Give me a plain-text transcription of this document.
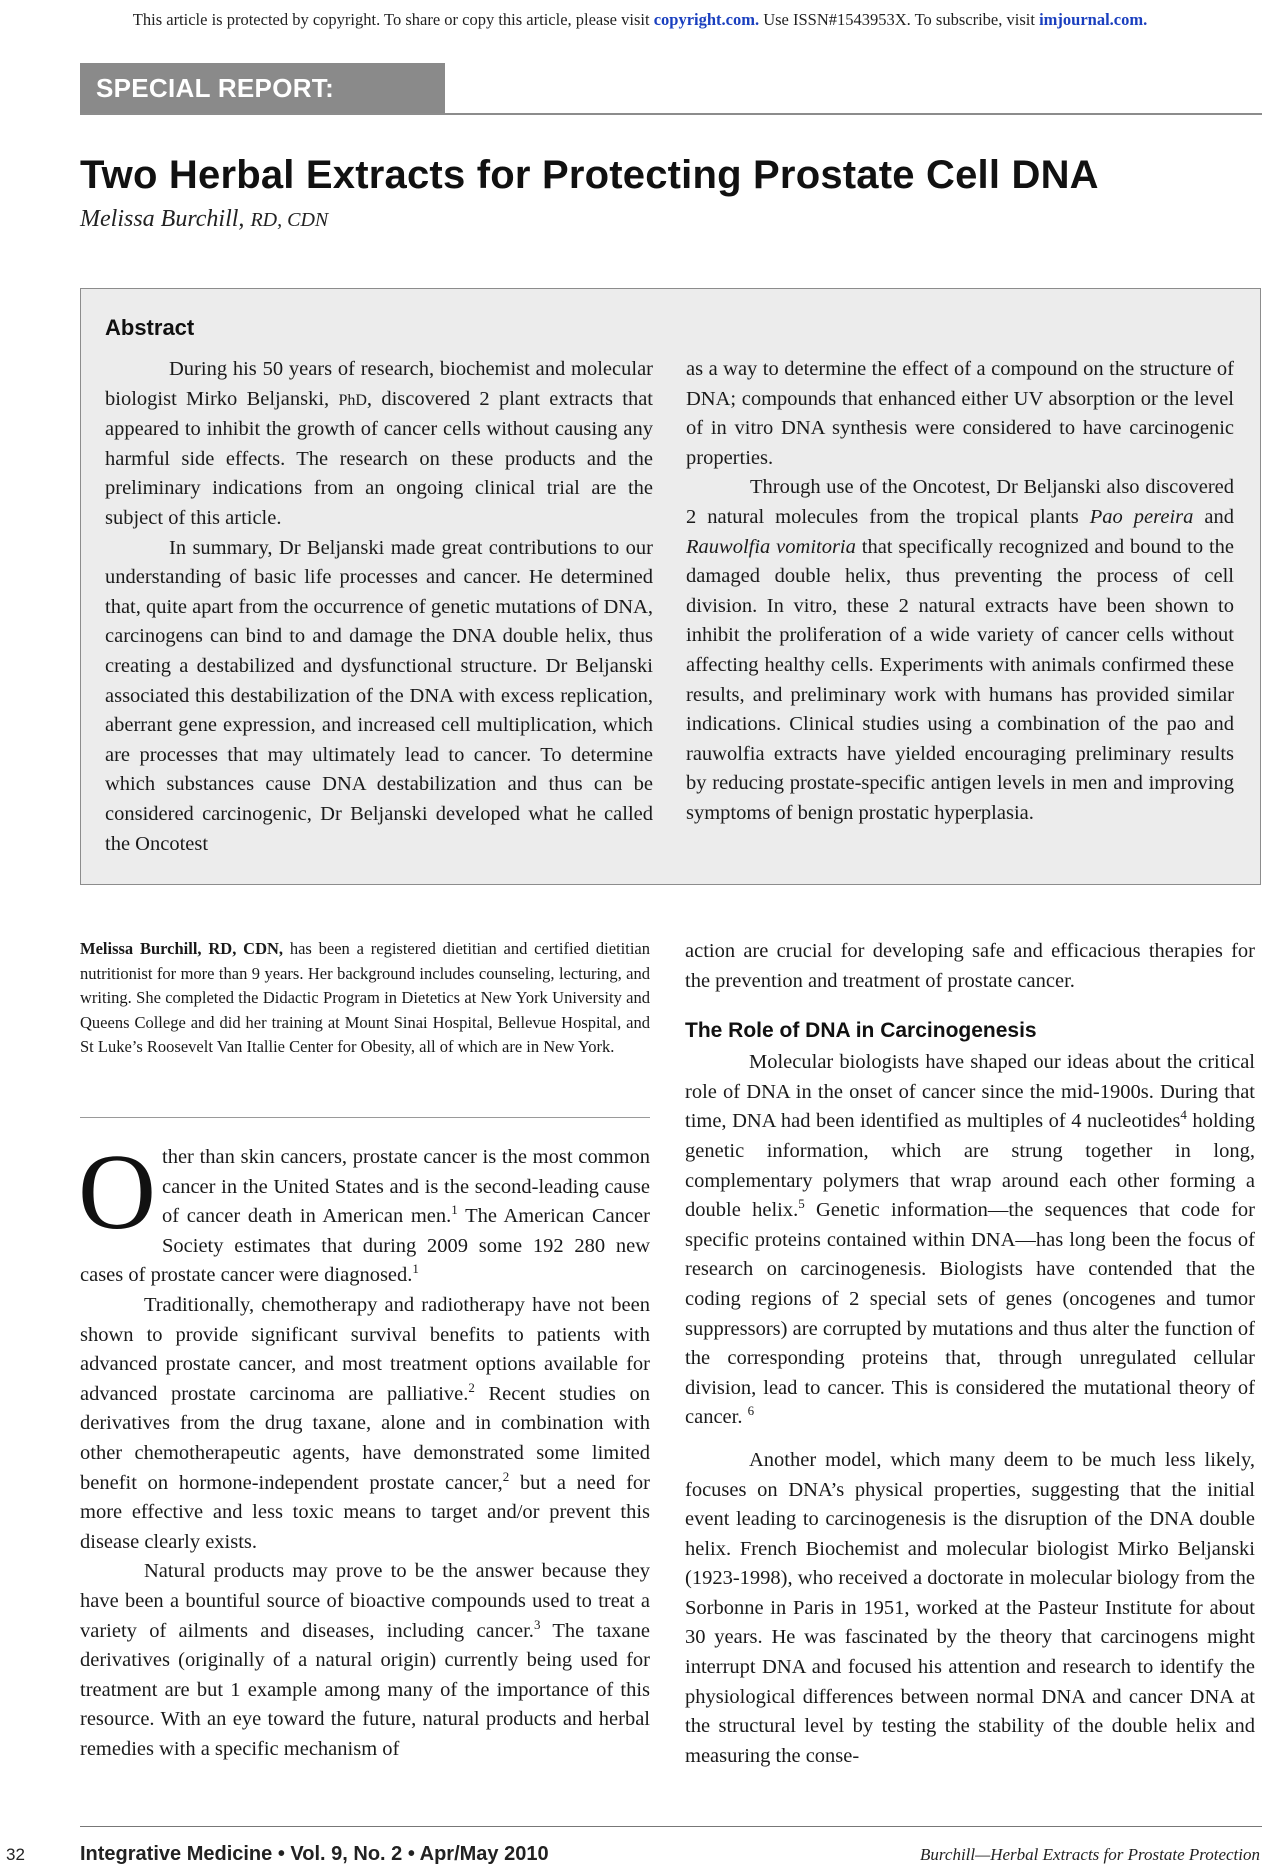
This article is protected by copyright. To share or copy this article, please visit copyright.com. Use ISSN#1543953X. To subscribe, visit imjournal.com.
SPECIAL REPORT: CANCER
Two Herbal Extracts for Protecting Prostate Cell DNA
Melissa Burchill, RD, CDN
Abstract

During his 50 years of research, biochemist and molecular biologist Mirko Beljanski, PhD, discovered 2 plant extracts that appeared to inhibit the growth of cancer cells without causing any harmful side effects. The research on these products and the preliminary indications from an ongoing clinical trial are the subject of this article.

In summary, Dr Beljanski made great contributions to our understanding of basic life processes and cancer. He determined that, quite apart from the occurrence of genetic mutations of DNA, carcinogens can bind to and damage the DNA double helix, thus creating a destabilized and dysfunctional structure. Dr Beljanski associated this destabilization of the DNA with excess replication, aberrant gene expression, and increased cell multiplication, which are processes that may ultimately lead to cancer. To determine which substances cause DNA destabilization and thus can be considered carcinogenic, Dr Beljanski developed what he called the Oncotest

as a way to determine the effect of a compound on the structure of DNA; compounds that enhanced either UV absorption or the level of in vitro DNA synthesis were considered to have carcinogenic properties.

Through use of the Oncotest, Dr Beljanski also discovered 2 natural molecules from the tropical plants Pao pereira and Rauwolfia vomitoria that specifically recognized and bound to the damaged double helix, thus preventing the process of cell division. In vitro, these 2 natural extracts have been shown to inhibit the proliferation of a wide variety of cancer cells without affecting healthy cells. Experiments with animals confirmed these results, and preliminary work with humans has provided similar indications. Clinical studies using a combination of the pao and rauwolfia extracts have yielded encouraging preliminary results by reducing prostate-specific antigen levels in men and improving symptoms of benign prostatic hyperplasia.

Melissa Burchill, RD, CDN, has been a registered dietitian and certified dietitian nutritionist for more than 9 years. Her background includes counseling, lecturing, and writing. She completed the Didactic Program in Dietetics at New York University and Queens College and did her training at Mount Sinai Hospital, Bellevue Hospital, and St Luke’s Roosevelt Van Itallie Center for Obesity, all of which are in New York.

Other than skin cancers, prostate cancer is the most common cancer in the United States and is the second-leading cause of cancer death in American men.$^1$ The American Cancer Society estimates that during 2009 some 192 280 new cases of prostate cancer were diagnosed.$^1$

Traditionally, chemotherapy and radiotherapy have not been shown to provide significant survival benefits to patients with advanced prostate cancer, and most treatment options available for advanced prostate carcinoma are palliative.$^2$ Recent studies on derivatives from the drug taxane, alone and in combination with other chemotherapeutic agents, have demonstrated some limited benefit on hormone-independent prostate cancer,$^2$ but a need for more effective and less toxic means to target and/or prevent this disease clearly exists.

Natural products may prove to be the answer because they have been a bountiful source of bioactive compounds used to treat a variety of ailments and diseases, including cancer.$^3$ The taxane derivatives (originally of a natural origin) currently being used for treatment are but 1 example among many of the importance of this resource. With an eye toward the future, natural products and herbal remedies with a specific mechanism of

action are crucial for developing safe and efficacious therapies for the prevention and treatment of prostate cancer.

The Role of DNA in Carcinogenesis

Molecular biologists have shaped our ideas about the critical role of DNA in the onset of cancer since the mid-1900s. During that time, DNA had been identified as multiples of 4 nucleotides$^4$ holding genetic information, which are strung together in long, complementary polymers that wrap around each other forming a double helix.$^5$ Genetic information—the sequences that code for specific proteins contained within DNA—has long been the focus of research on carcinogenesis. Biologists have contended that the coding regions of 2 special sets of genes (oncogenes and tumor suppressors) are corrupted by mutations and thus alter the function of the corresponding proteins that, through unregulated cellular division, lead to cancer. This is considered the mutational theory of cancer. $^6$

Another model, which many deem to be much less likely, focuses on DNA’s physical properties, suggesting that the initial event leading to carcinogenesis is the disruption of the DNA double helix. French Biochemist and molecular biologist Mirko Beljanski (1923-1998), who received a doctorate in molecular biology from the Sorbonne in Paris in 1951, worked at the Pasteur Institute for about 30 years. He was fascinated by the theory that carcinogens might interrupt DNA and focused his attention and research to identify the physiological differences between normal DNA and cancer DNA at the structural level by testing the stability of the double helix and measuring the conse-

32	Integrative Medicine • Vol. 9, No. 2 • Apr/May 2010	Burchill—Herbal Extracts for Prostate Protection
